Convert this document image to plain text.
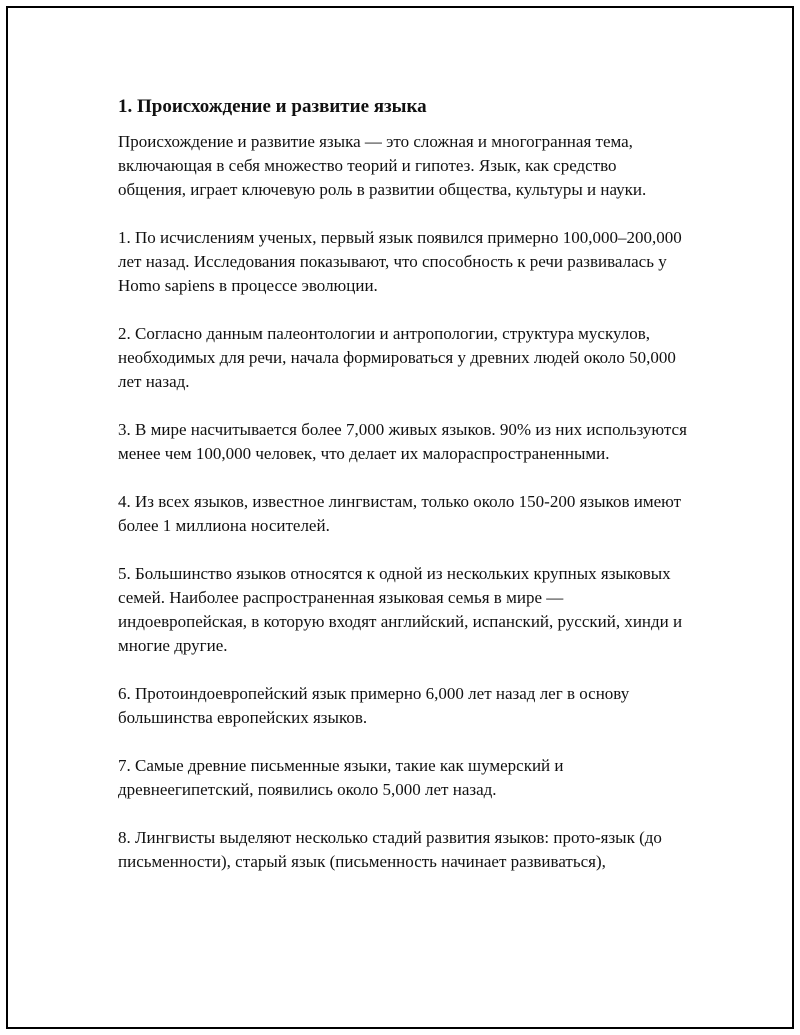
1. Происхождение и развитие языка

Происхождение и развитие языка — это сложная и многогранная тема, включающая в себя множество теорий и гипотез. Язык, как средство общения, играет ключевую роль в развитии общества, культуры и науки.

1. По исчислениям ученых, первый язык появился примерно 100,000–200,000 лет назад. Исследования показывают, что способность к речи развивалась у Homo sapiens в процессе эволюции.

2. Согласно данным палеонтологии и антропологии, структура мускулов, необходимых для речи, начала формироваться у древних людей около 50,000 лет назад.

3. В мире насчитывается более 7,000 живых языков. 90% из них используются менее чем 100,000 человек, что делает их малораспространенными.

4. Из всех языков, известное лингвистам, только около 150-200 языков имеют более 1 миллиона носителей.

5. Большинство языков относятся к одной из нескольких крупных языковых семей. Наиболее распространенная языковая семья в мире — индоевропейская, в которую входят английский, испанский, русский, хинди и многие другие.

6. Протоиндоевропейский язык примерно 6,000 лет назад лег в основу большинства европейских языков.

7. Самые древние письменные языки, такие как шумерский и древнеегипетский, появились около 5,000 лет назад.

8. Лингвисты выделяют несколько стадий развития языков: прото-язык (до письменности), старый язык (письменность начинает развиваться),
